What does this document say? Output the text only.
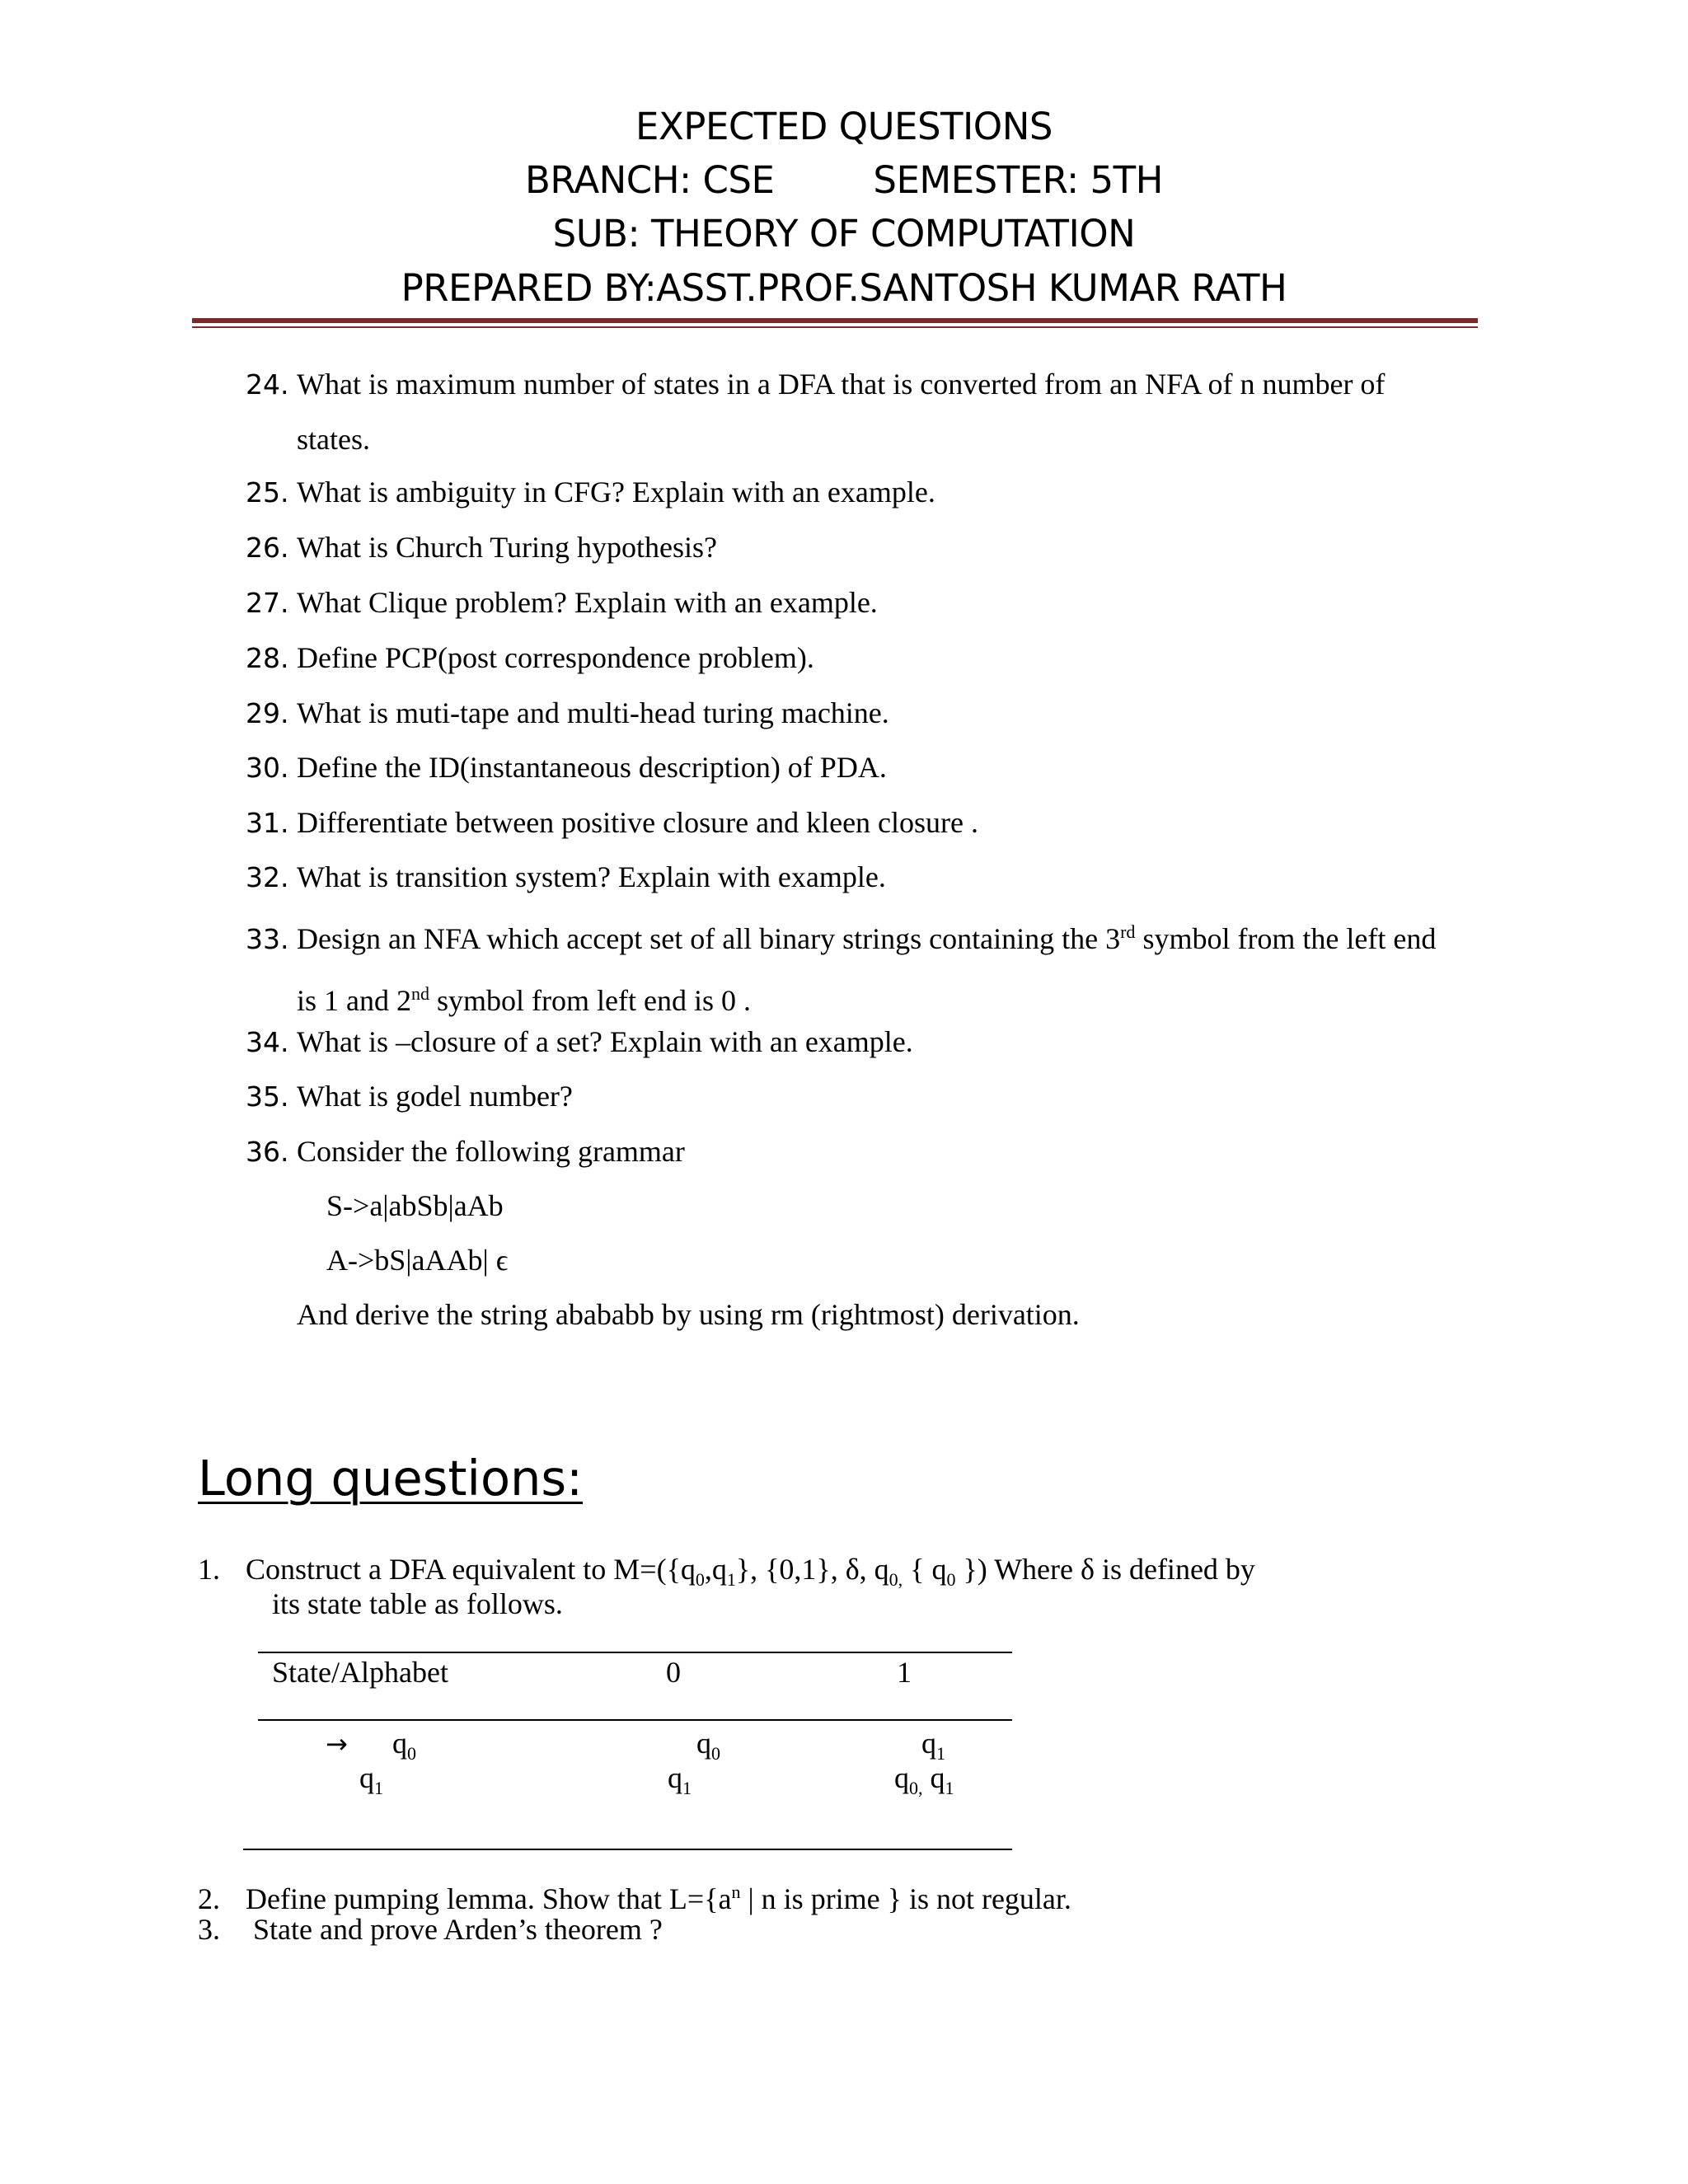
EXPECTED QUESTIONS
BRANCH: CSE	SEMESTER: 5TH
SUB: THEORY OF COMPUTATION
PREPARED BY:ASST.PROF.SANTOSH KUMAR RATH
24. What is maximum number of states in a DFA that is converted from an NFA of n number of
states.
25. What is ambiguity in CFG? Explain with an example.
26. What is Church Turing hypothesis?
27. What Clique problem? Explain with an example.
28. Define PCP(post correspondence problem).
29. What is muti-tape and multi-head turing machine.
30. Define the ID(instantaneous description) of PDA.
31. Differentiate between positive closure and kleen closure .
32. What is transition system? Explain with example.
33. Design an NFA which accept set of all binary strings containing the 3rd symbol from the left end
is 1 and 2nd symbol from left end is 0 .
34. What is –closure of a set? Explain with an example.
35. What is godel number?
36. Consider the following grammar
S->a|abSb|aAb
A->bS|aAAb| ϵ
And derive the string abababb by using rm (rightmost) derivation.
Long questions:
1. Construct a DFA equivalent to $M=(\{q_0,q_1\}$, {0,1}, δ, $q_{0,}$ { $q_0$ }) Where δ is defined by
its state table as follows.
State/Alphabet	0	1
→ $q_0$	$q_0$	$q_1$
$q_1$	$q_1$	$q_{0,}$ $q_1$
2. Define pumping lemma. Show that $L=\{a^n$ | n is prime } is not regular.
3. State and prove Arden’s theorem ?
